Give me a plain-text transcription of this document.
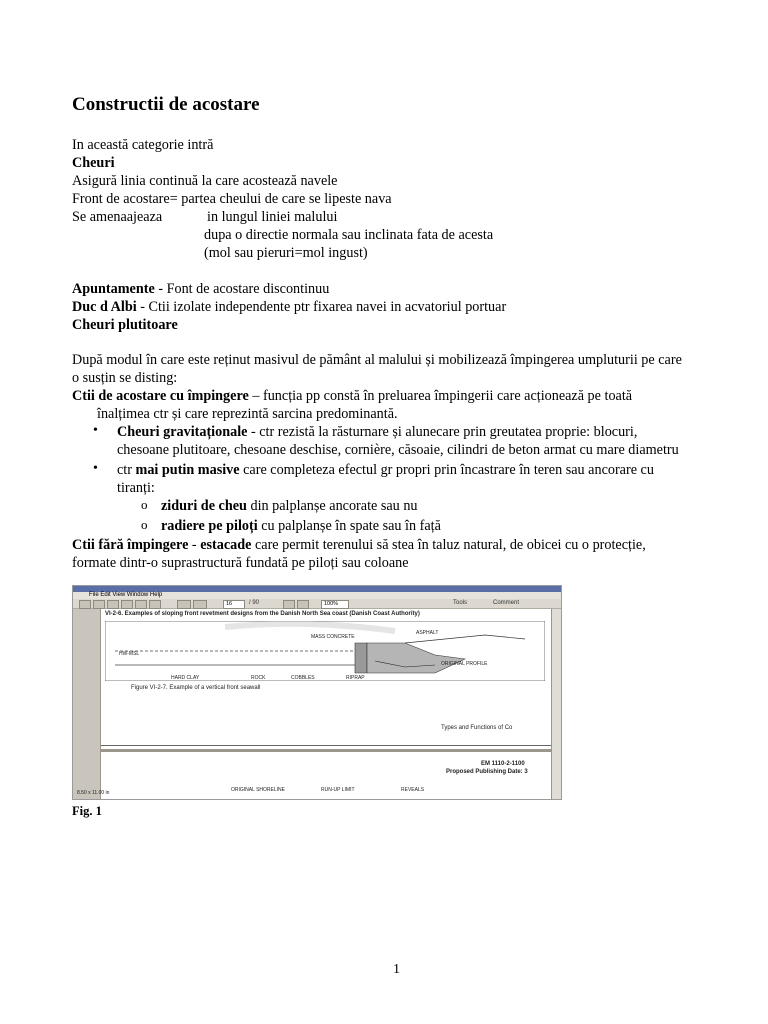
Constructii de acostare
In această categorie intră
Cheuri
Asigură linia continuă la care acostează navele
Front de acostare= partea cheului de care se lipeste nava
Se amenaajeaza	in lungul liniei malului
dupa o directie normala sau inclinata fata de acesta
(mol sau pieruri=mol ingust)
Apuntamente - Font de acostare discontinuu
Duc d Albi - Ctii izolate independente ptr fixarea navei in acvatoriul portuar
Cheuri plutitoare
După modul în care este reținut masivul de pământ al malului și mobilizează împingerea umpluturii pe care
o susțin se disting:
Ctii de acostare cu împingere – funcția pp constă în preluarea împingerii care acționează pe toată
înalțimea ctr și care reprezintă sarcina predominantă.
• Cheuri gravitaționale - ctr rezistă la răsturnare și alunecare prin greutatea proprie: blocuri,
chesoane plutitoare, chesoane deschise, cornière, căsoaie, cilindri de beton armat cu mare diametru
• ctr mai putin masive care completeza efectul gr propri prin încastrare în teren sau ancorare cu
tiranți:
o ziduri de cheu din palplanșe ancorate sau nu
o radiere pe piloți cu palplanșe în spate sau în față
Ctii fără împingere - estacade care permit terenului să stea în taluz natural, de obicei cu o protecție,
formate dintr-o suprastructură fundată pe piloți sau coloane
File Edit View Window Help
16	/ 90	100%	Tools	Comment
VI-2-6. Examples of sloping front revetment designs from the Danish North Sea coast (Danish Coast Authority)
MASS CONCRETE
ASPHALT
ORIGINAL PROFILE
HW-MSL
HARD CLAY	ROCK	COBBLES	RIPRAP
Figure VI-2-7. Example of a vertical front seawall
Types and Functions of Co
EM 1110-2-1100
Proposed Publishing Date: 3
ORIGINAL SHORELINE	RUN-UP LIMIT	REVEALS
8.50 x 11.00 in
Fig. 1
1
